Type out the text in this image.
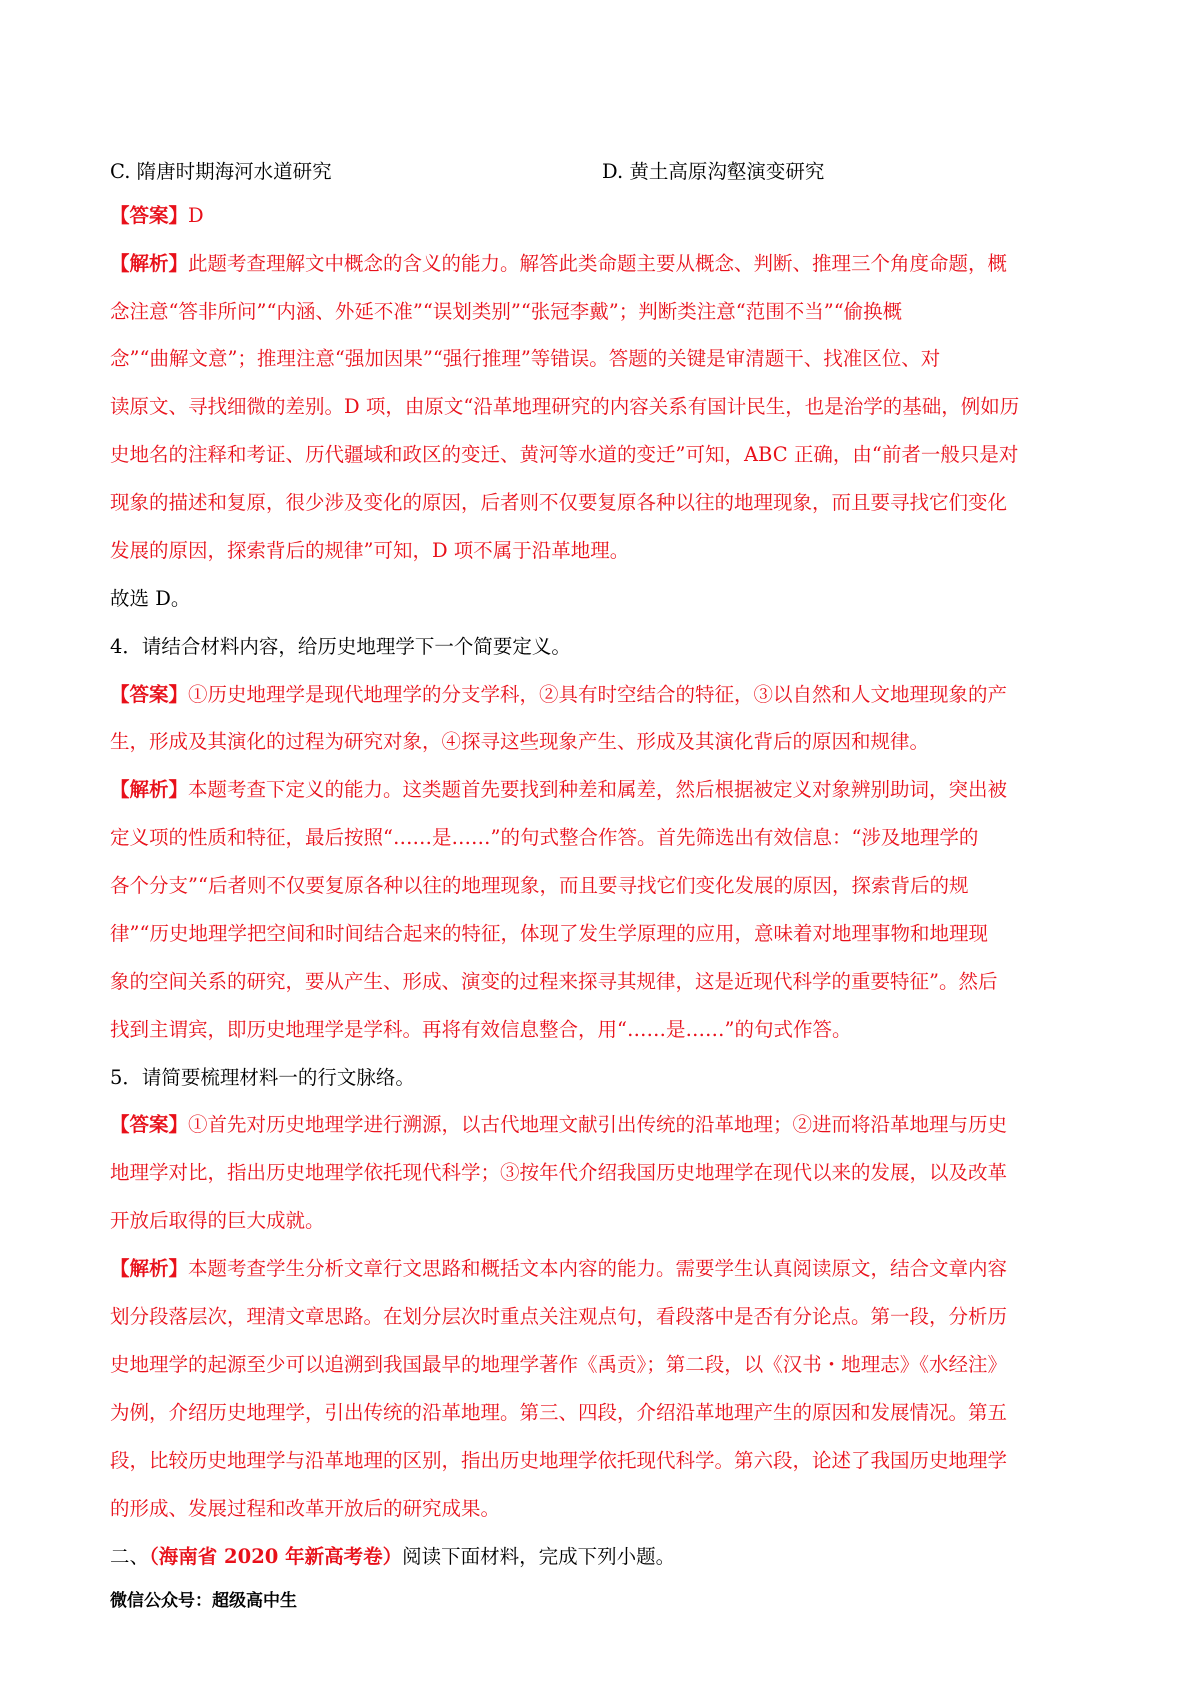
C. 隋唐时期海河水道研究	D. 黄土高原沟壑演变研究
【答案】D
【解析】此题考查理解文中概念的含义的能力。解答此类命题主要从概念、判断、推理三个角度命题，概
念注意“答非所问”“内涵、外延不准”“误划类别”“张冠李戴”；判断类注意“范围不当”“偷换概
念”“曲解文意”；推理注意“强加因果”“强行推理”等错误。答题的关键是审清题干、找准区位、对
读原文、寻找细微的差别。D 项，由原文“沿革地理研究的内容关系有国计民生，也是治学的基础，例如历
史地名的注释和考证、历代疆域和政区的变迁、黄河等水道的变迁”可知，ABC 正确，由“前者一般只是对
现象的描述和复原，很少涉及变化的原因，后者则不仅要复原各种以往的地理现象，而且要寻找它们变化
发展的原因，探索背后的规律”可知，D 项不属于沿革地理。
故选 D。
4．请结合材料内容，给历史地理学下一个简要定义。
【答案】①历史地理学是现代地理学的分支学科，②具有时空结合的特征，③以自然和人文地理现象的产
生，形成及其演化的过程为研究对象，④探寻这些现象产生、形成及其演化背后的原因和规律。
【解析】本题考查下定义的能力。这类题首先要找到种差和属差，然后根据被定义对象辨别助词，突出被
定义项的性质和特征，最后按照“……是……”的句式整合作答。首先筛选出有效信息：“涉及地理学的
各个分支”“后者则不仅要复原各种以往的地理现象，而且要寻找它们变化发展的原因，探索背后的规
律”“历史地理学把空间和时间结合起来的特征，体现了发生学原理的应用，意味着对地理事物和地理现
象的空间关系的研究，要从产生、形成、演变的过程来探寻其规律，这是近现代科学的重要特征”。然后
找到主谓宾，即历史地理学是学科。再将有效信息整合，用“……是……”的句式作答。
5．请简要梳理材料一的行文脉络。
【答案】①首先对历史地理学进行溯源，以古代地理文献引出传统的沿革地理；②进而将沿革地理与历史
地理学对比，指出历史地理学依托现代科学；③按年代介绍我国历史地理学在现代以来的发展，以及改革
开放后取得的巨大成就。
【解析】本题考查学生分析文章行文思路和概括文本内容的能力。需要学生认真阅读原文，结合文章内容
划分段落层次，理清文章思路。在划分层次时重点关注观点句，看段落中是否有分论点。第一段，分析历
史地理学的起源至少可以追溯到我国最早的地理学著作《禹贡》；第二段，以《汉书・地理志》《水经注》
为例，介绍历史地理学，引出传统的沿革地理。第三、四段，介绍沿革地理产生的原因和发展情况。第五
段，比较历史地理学与沿革地理的区别，指出历史地理学依托现代科学。第六段，论述了我国历史地理学
的形成、发展过程和改革开放后的研究成果。
二、（海南省 2020 年新高考卷）阅读下面材料，完成下列小题。
微信公众号：超级高中生
